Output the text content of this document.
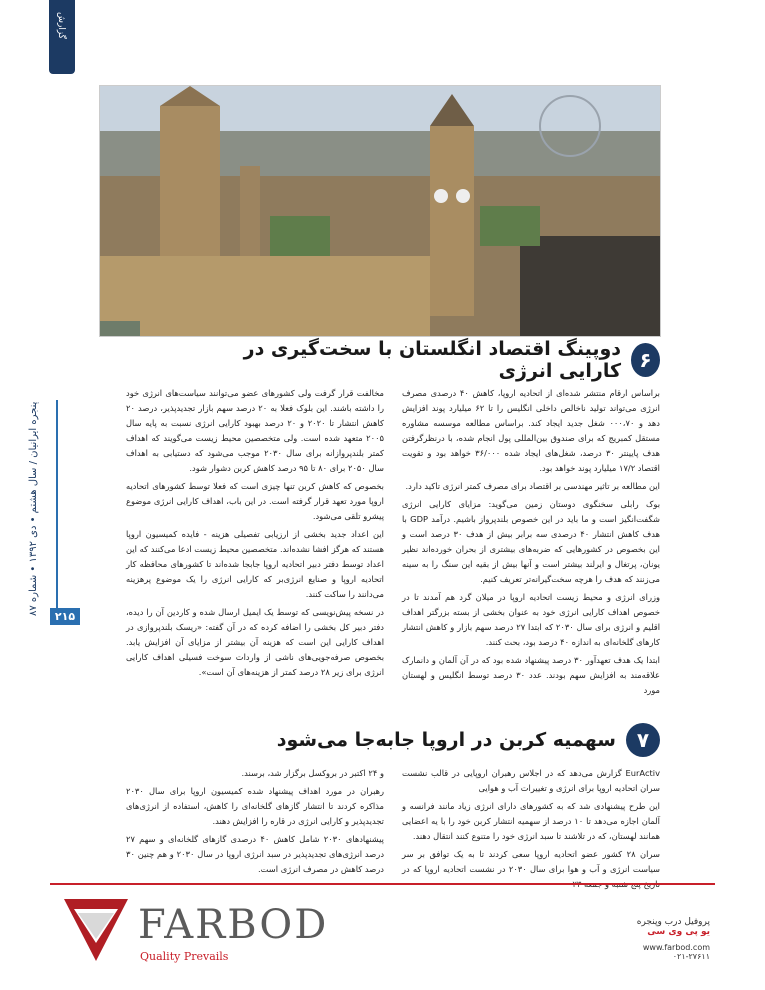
گزارش
پنجره ایرانیان / سال هشتم • دی ۱۳۹۲ • شماره ۸۷
۲۱۵
۶
دوپینگ اقتصاد انگلستان با سخت‌گیری در کارایی انرژی

براساس ارقام منتشر شده‌ای از اتحادیه اروپا، کاهش ۴۰ درصدی مصرف انرژی می‌تواند تولید ناخالص داخلی انگلیس را تا ۶۲ میلیارد پوند افزایش دهد و ۰۰۰،۷۰ شغل جدید ایجاد کند. براساس مطالعه موسسه مشاوره مستقل کمبریج که برای صندوق بین‌المللی پول انجام شده، با درنظرگرفتن هدف پایینتر ۳۰ درصد، شغل‌های ایجاد شده ۳۶/۰۰۰ خواهد بود و تقویت اقتصاد ۱۷/۲ میلیارد پوند خواهد بود.

این مطالعه بر تاثیر مهندسی بر اقتصاد برای مصرف کمتر انرژی تاکید دارد.

بوک رابلی سخنگوی دوستان زمین می‌گوید: مزایای کارایی انرژی شگفت‌انگیز است و ما باید در این خصوص بلندپرواز باشیم. درآمد GDP با هدف کاهش انتشار ۴۰ درصدی سه برابر بیش از هدف ۳۰ درصد است و این بخصوص در کشورهایی که ضربه‌های بیشتری از بحران خورده‌اند نظیر یونان، پرتغال و ایرلند بیشتر است و آنها بیش از بقیه این سنگ را به سینه می‌زنند که هدف را هرچه سخت‌گیرانه‌تر تعریف کنیم.

وزرای انرژی و محیط زیست اتحادیه اروپا در میلان گرد هم آمدند تا در خصوص اهداف کارایی انرژی خود به عنوان بخشی از بسته بزرگتر اهداف اقلیم و انرژی برای سال ۲۰۳۰ که ابتدا ۲۷ درصد سهم بازار و کاهش انتشار کارهای گلخانه‌ای به اندازه ۴۰ درصد بود، بحث کنند.

ابتدا یک هدف تعهدآور ۳۰ درصد پیشنهاد شده بود که در آن آلمان و دانمارک علاقه‌مند به افزایش سهم بودند. عدد ۳۰ درصد توسط انگلیس و لهستان مورد

مخالفت قرار گرفت ولی کشورهای عضو می‌توانند سیاست‌های انرژی خود را داشته باشند. این بلوک فعلا به ۲۰ درصد سهم بازار تجدیدپذیر، درصد ۲۰ کاهش انتشار تا ۲۰۲۰ و ۲۰ درصد بهبود کارایی انرژی نسبت به پایه سال ۲۰۰۵ متعهد شده است. ولی متخصصین محیط زیست می‌گویند که اهداف کمتر بلندپروازانه برای سال ۲۰۳۰ موجب می‌شود که دستیابی به اهداف سال ۲۰۵۰ برای ۸۰ تا ۹۵ درصد کاهش کربن دشوار شود.

بخصوص که کاهش کربن تنها چیزی است که فعلا توسط کشورهای اتحادیه اروپا مورد تعهد قرار گرفته است. در این باب، اهداف کارایی انرژی موضوع پیشرو تلقی می‌شود.

این اعداد جدید بخشی از ارزیابی تفصیلی هزینه - فایده کمیسیون اروپا هستند که هرگز افشا نشده‌اند. متخصصین محیط زیست ادعا می‌کنند که این اعداد توسط دفتر دبیر اتحادیه اروپا جابجا شده‌اند تا کشورهای محافظه کار اتحادیه اروپا و صنایع انرژی‌بر که کارایی انرژی را یک موضوع پرهزینه می‌دانند را ساکت کنند.

در نسخه پیش‌نویسی که توسط یک ایمیل ارسال شده و کاردین آن را دیده، دفتر دبیر کل بخشی را اضافه کرده که در آن گفته: «ریسک بلندپروازی در اهداف کارایی این است که هزینه آن بیشتر از مزایای آن افزایش یابد. بخصوص صرفه‌جویی‌های ناشی از واردات سوخت فسیلی اهداف کارایی انرژی برای زیر ۲۸ درصد کمتر از هزینه‌های آن است».

۷
سهمیه کربن در اروپا جابه‌جا می‌شود

EurActiv گزارش می‌دهد که در اجلاس رهبران اروپایی در قالب نشست سران اتحادیه اروپا برای انرژی و تغییرات آب و هوایی

این طرح پیشنهادی شد که به کشورهای دارای انرژی زیاد مانند فرانسه و آلمان اجازه می‌دهد تا ۱۰ درصد از سهمیه انتشار کربن خود را با یه اعضایی همانند لهستان، که در تلاشند تا سبد انرژی خود را متنوع کنند انتقال دهند.

سران ۲۸ کشور عضو اتحادیه اروپا سعی کردند تا به یک توافق بر سر سیاست انرژی و آب و هوا برای سال ۲۰۳۰ در نشست اتحادیه اروپا که در

و ۲۴ اکتبر در بروکسل برگزار شد، برسند.

رهبران در مورد اهداف پیشنهاد شده کمیسیون اروپا برای سال ۲۰۳۰ مذاکره کردند تا انتشار گازهای گلخانه‌ای را کاهش، استفاده از انرژی‌های تجدیدپذیر و کارایی انرژی در قاره را افزایش دهند.

پیشنهادهای ۲۰۳۰ شامل کاهش ۴۰ درصدی گازهای گلخانه‌ای و سهم ۲۷ درصد انرژی‌های تجدیدپذیر در سبد انرژی اروپا در سال ۲۰۳۰ و هم چنین ۳۰ درصد کاهش در مصرف انرژی است.

FARBOD
Quality Prevails
پروفیل درب وپنجره
یو پی وی سی
www.farbod.com
۰۲۱-۲۷۶۱۱
